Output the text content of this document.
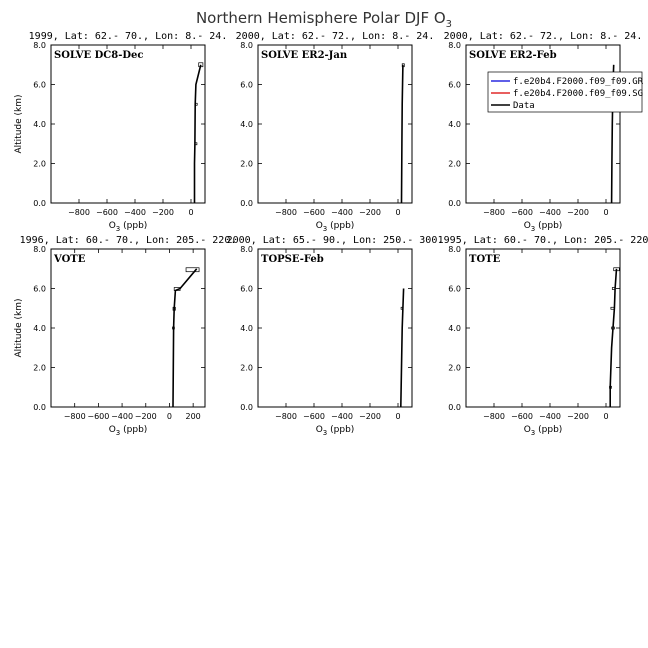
Northern Hemisphere Polar DJF $O_3$
1999, Lat: 62.- 70., Lon: 8.- 24.
−800 −600 −400 −200 0
0.0
2.0
4.0
6.0
8.0
$O_3$ (ppb)
Altitude (km)
SOLVE DC8-Dec
2000, Lat: 62.- 72., Lon: 8.- 24.
−800 −600 −400 −200 0
0.0
2.0
4.0
6.0
8.0
$O_3$ (ppb)
SOLVE ER2-Jan
2000, Lat: 62.- 72., Lon: 8.- 24.
−800 −600 −400 −200 0
0.0
2.0
4.0
6.0
8.0
$O_3$ (ppb)
SOLVE ER2-Feb
f.e20b4.F2000.f09_f09.GR
f.e20b4.F2000.f09_f09.SG
Data
1996, Lat: 60.- 70., Lon: 205.- 220.
−800 −600 −400 −200 0 200
0.0
2.0
4.0
6.0
8.0
$O_3$ (ppb)
Altitude (km)
VOTE
2000, Lat: 65.- 90., Lon: 250.- 300.
−800 −600 −400 −200 0
0.0
2.0
4.0
6.0
8.0
$O_3$ (ppb)
TOPSE-Feb
1995, Lat: 60.- 70., Lon: 205.- 220
−800 −600 −400 −200 0
0.0
2.0
4.0
6.0
8.0
$O_3$ (ppb)
TOTE
